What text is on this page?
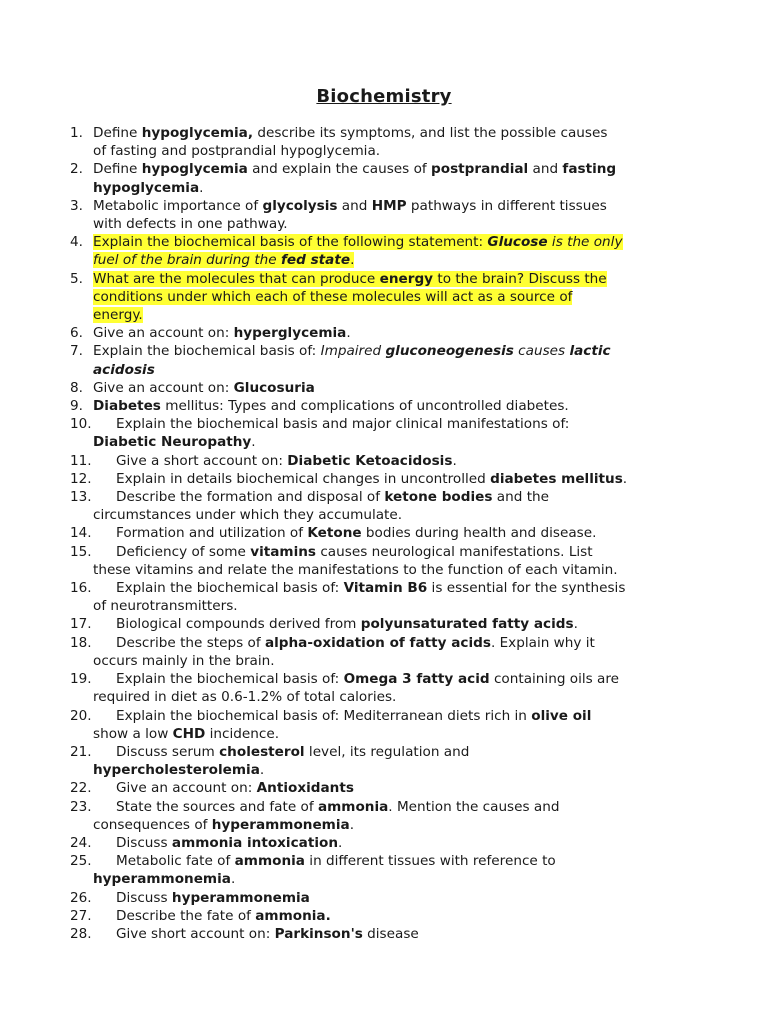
Biochemistry
1. Define hypoglycemia, describe its symptoms, and list the possible causes
of fasting and postprandial hypoglycemia.
2. Define hypoglycemia and explain the causes of postprandial and fasting
hypoglycemia.
3. Metabolic importance of glycolysis and HMP pathways in different tissues
with defects in one pathway.
4. Explain the biochemical basis of the following statement: Glucose is the only
fuel of the brain during the fed state.
5. What are the molecules that can produce energy to the brain? Discuss the
conditions under which each of these molecules will act as a source of
energy.
6. Give an account on: hyperglycemia.
7. Explain the biochemical basis of: Impaired gluconeogenesis causes lactic
acidosis
8. Give an account on: Glucosuria
9. Diabetes mellitus: Types and complications of uncontrolled diabetes.
10. Explain the biochemical basis and major clinical manifestations of:
Diabetic Neuropathy.
11. Give a short account on: Diabetic Ketoacidosis.
12. Explain in details biochemical changes in uncontrolled diabetes mellitus.
13. Describe the formation and disposal of ketone bodies and the
circumstances under which they accumulate.
14. Formation and utilization of Ketone bodies during health and disease.
15. Deficiency of some vitamins causes neurological manifestations. List
these vitamins and relate the manifestations to the function of each vitamin.
16. Explain the biochemical basis of: Vitamin B6 is essential for the synthesis
of neurotransmitters.
17. Biological compounds derived from polyunsaturated fatty acids.
18. Describe the steps of alpha-oxidation of fatty acids. Explain why it
occurs mainly in the brain.
19. Explain the biochemical basis of: Omega 3 fatty acid containing oils are
required in diet as 0.6-1.2% of total calories.
20. Explain the biochemical basis of: Mediterranean diets rich in olive oil
show a low CHD incidence.
21. Discuss serum cholesterol level, its regulation and
hypercholesterolemia.
22. Give an account on: Antioxidants
23. State the sources and fate of ammonia. Mention the causes and
consequences of hyperammonemia.
24. Discuss ammonia intoxication.
25. Metabolic fate of ammonia in different tissues with reference to
hyperammonemia.
26. Discuss hyperammonemia
27. Describe the fate of ammonia.
28. Give short account on: Parkinson's disease
